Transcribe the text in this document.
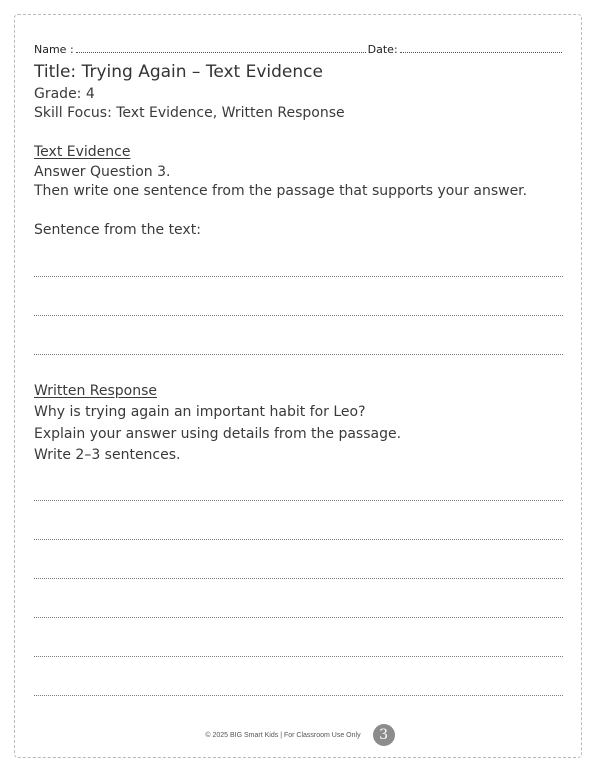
Name :	Date:
Title: Trying Again – Text Evidence
Grade: 4
Skill Focus: Text Evidence, Written Response
Text Evidence
Answer Question 3.
Then write one sentence from the passage that supports your answer.
Sentence from the text:
Written Response
Why is trying again an important habit for Leo?
Explain your answer using details from the passage.
Write 2–3 sentences.
© 2025 BIG Smart Kids | For Classroom Use Only	3
